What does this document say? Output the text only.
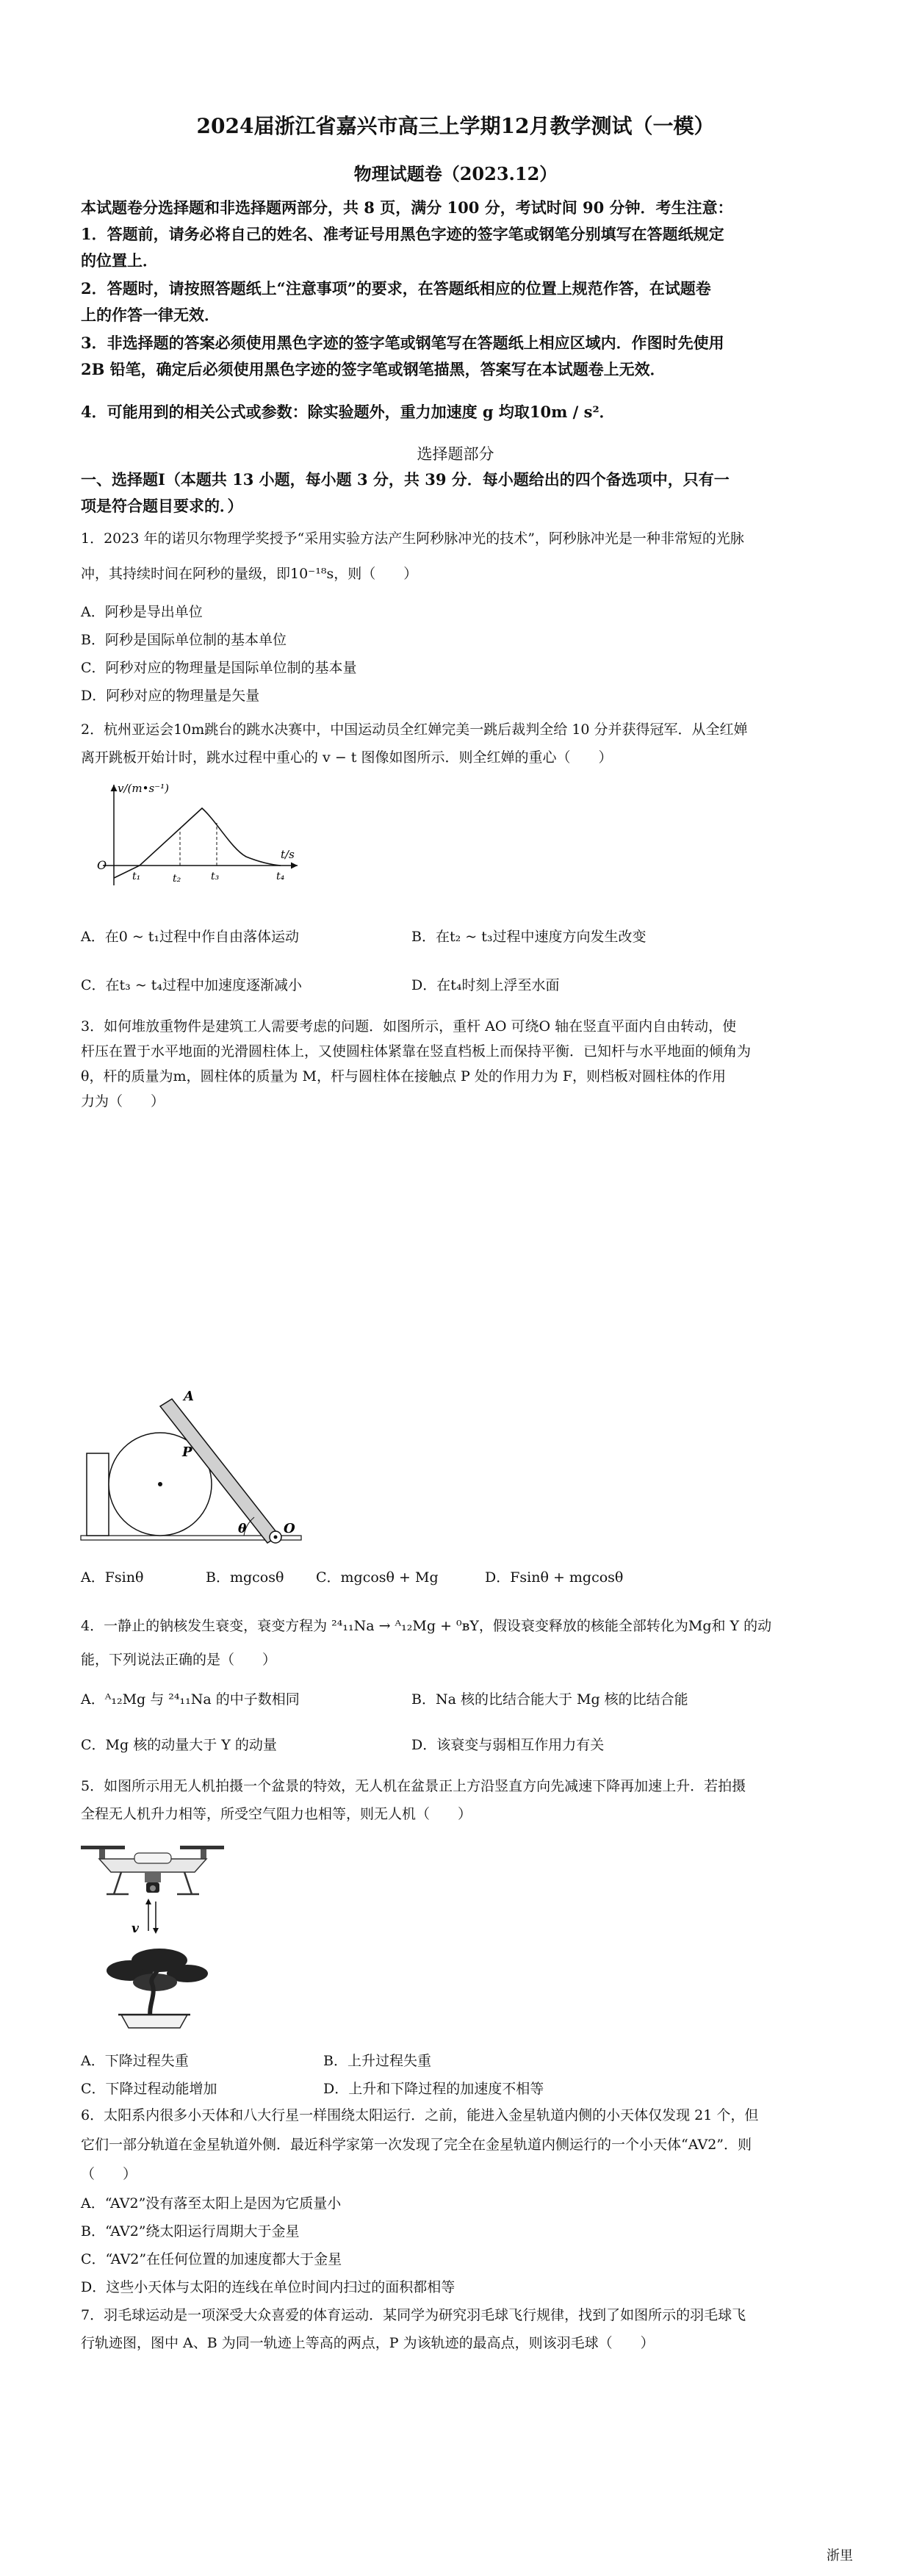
2024届浙江省嘉兴市高三上学期12月教学测试（一模）
物理试题卷（2023.12）
本试题卷分选择题和非选择题两部分，共 8 页，满分 100 分，考试时间 90 分钟．考生注意：
1．答题前，请务必将自己的姓名、准考证号用黑色字迹的签字笔或钢笔分别填写在答题纸规定
的位置上．
2．答题时，请按照答题纸上“注意事项”的要求，在答题纸相应的位置上规范作答，在试题卷
上的作答一律无效．
3．非选择题的答案必须使用黑色字迹的签字笔或钢笔写在答题纸上相应区域内．作图时先使用
2B 铅笔，确定后必须使用黑色字迹的签字笔或钢笔描黑，答案写在本试题卷上无效．
4．可能用到的相关公式或参数：除实验题外，重力加速度 g 均取10m / s²．
选择题部分
一、选择题Ⅰ（本题共 13 小题，每小题 3 分，共 39 分．每小题给出的四个备选项中，只有一
项是符合题目要求的．）
1．2023 年的诺贝尔物理学奖授予“采用实验方法产生阿秒脉冲光的技术”，阿秒脉冲光是一种非常短的光脉
冲，其持续时间在阿秒的量级，即10⁻¹⁸s，则（　　）
A．阿秒是导出单位
B．阿秒是国际单位制的基本单位
C．阿秒对应的物理量是国际单位制的基本量
D．阿秒对应的物理量是矢量
2．杭州亚运会10m跳台的跳水决赛中，中国运动员全红婵完美一跳后裁判全给 10 分并获得冠军．从全红婵
离开跳板开始计时，跳水过程中重心的 v − t 图像如图所示．则全红婵的重心（　　）
v/(m•s⁻¹)
t/s
O
t₁	t₂	t₃	t₄
A．在0 ~ t₁过程中作自由落体运动	B．在t₂ ~ t₃过程中速度方向发生改变
C．在t₃ ~ t₄过程中加速度逐渐减小	D．在t₄时刻上浮至水面
3．如何堆放重物件是建筑工人需要考虑的问题．如图所示，重杆 AO 可绕O 轴在竖直平面内自由转动，使
杆压在置于水平地面的光滑圆柱体上，又使圆柱体紧靠在竖直档板上而保持平衡．已知杆与水平地面的倾角为
θ，杆的质量为m，圆柱体的质量为 M，杆与圆柱体在接触点 P 处的作用力为 F，则档板对圆柱体的作用
力为（　　）
A
P
O
θ
A．Fsinθ	B．mgcosθ C．mgcosθ + Mg	D．Fsinθ + mgcosθ
4．一静止的钠核发生衰变，衰变方程为 ²⁴₁₁Na → ᴬ₁₂Mg + ⁰ʙY，假设衰变释放的核能全部转化为Mg和 Y 的动
能，下列说法正确的是（　　）
A．ᴬ₁₂Mg 与 ²⁴₁₁Na 的中子数相同	B．Na 核的比结合能大于 Mg 核的比结合能
C．Mg 核的动量大于 Y 的动量	D．该衰变与弱相互作用力有关
5．如图所示用无人机拍摄一个盆景的特效，无人机在盆景正上方沿竖直方向先减速下降再加速上升．若拍摄
全程无人机升力相等，所受空气阻力也相等，则无人机（　　）
v
A．下降过程失重	B．上升过程失重
C．下降过程动能增加	D．上升和下降过程的加速度不相等
6．太阳系内很多小天体和八大行星一样围绕太阳运行．之前，能进入金星轨道内侧的小天体仅发现 21 个，但
它们一部分轨道在金星轨道外侧．最近科学家第一次发现了完全在金星轨道内侧运行的一个小天体“AV2”．则
（　　）
A．“AV2”没有落至太阳上是因为它质量小
B．“AV2”绕太阳运行周期大于金星
C．“AV2”在任何位置的加速度都大于金星
D．这些小天体与太阳的连线在单位时间内扫过的面积都相等
7．羽毛球运动是一项深受大众喜爱的体育运动．某同学为研究羽毛球飞行规律，找到了如图所示的羽毛球飞
行轨迹图，图中 A、B 为同一轨迹上等高的两点，P 为该轨迹的最高点，则该羽毛球（　　）
浙里
